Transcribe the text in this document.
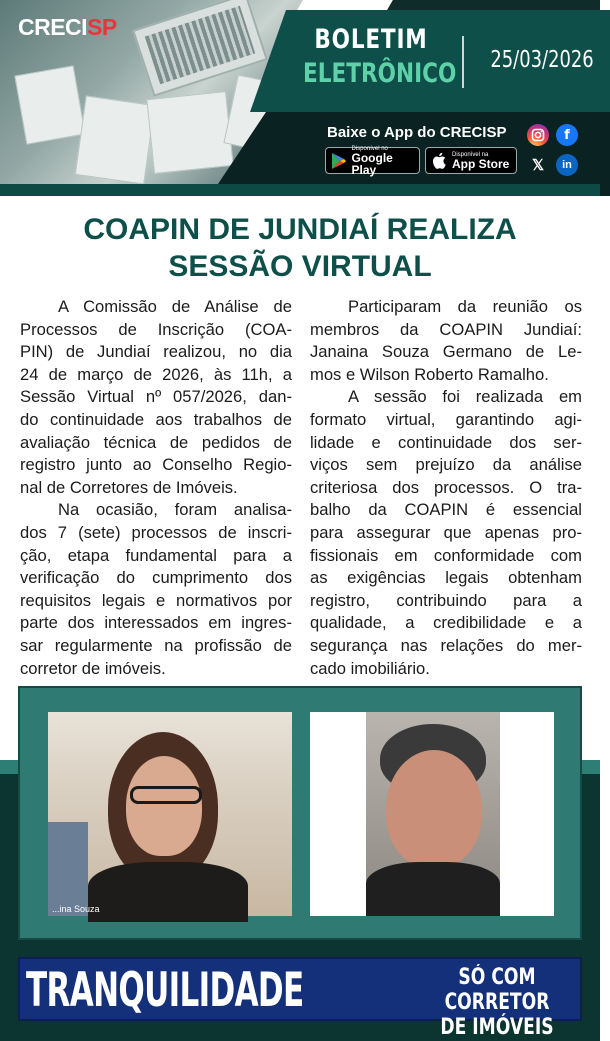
CRECISP	BOLETIM
ELETRÔNICO 25/03/2026
Baixe o App do CRECISP
Disponível no
Google Play
Disponível na
App Store
f
𝕏	in
COAPIN DE JUNDIAÍ REALIZA
SESSÃO VIRTUAL
A Comissão de Análise de
Processos de Inscrição (COA-
PIN) de Jundiaí realizou, no dia
24 de março de 2026, às 11h, a
Sessão Virtual nº 057/2026, dan-
do continuidade aos trabalhos de
avaliação técnica de pedidos de
registro junto ao Conselho Regio-
nal de Corretores de Imóveis.
Na ocasião, foram analisa-
dos 7 (sete) processos de inscri-
ção, etapa fundamental para a
verificação do cumprimento dos
requisitos legais e normativos por
parte dos interessados em ingres-
sar regularmente na profissão de
corretor de imóveis.
Participaram da reunião os
membros da COAPIN Jundiaí:
Janaina Souza Germano de Le-
mos e Wilson Roberto Ramalho.
A sessão foi realizada em
formato virtual, garantindo agi-
lidade e continuidade dos ser-
viços sem prejuízo da análise
criteriosa dos processos. O tra-
balho da COAPIN é essencial
para assegurar que apenas pro-
fissionais em conformidade com
as exigências legais obtenham
registro, contribuindo para a
qualidade, a credibilidade e a
segurança nas relações do mer-
cado imobiliário.
...ina Souza
TRANQUILIDADE	SÓ COM CORRETOR
DE IMÓVEIS
